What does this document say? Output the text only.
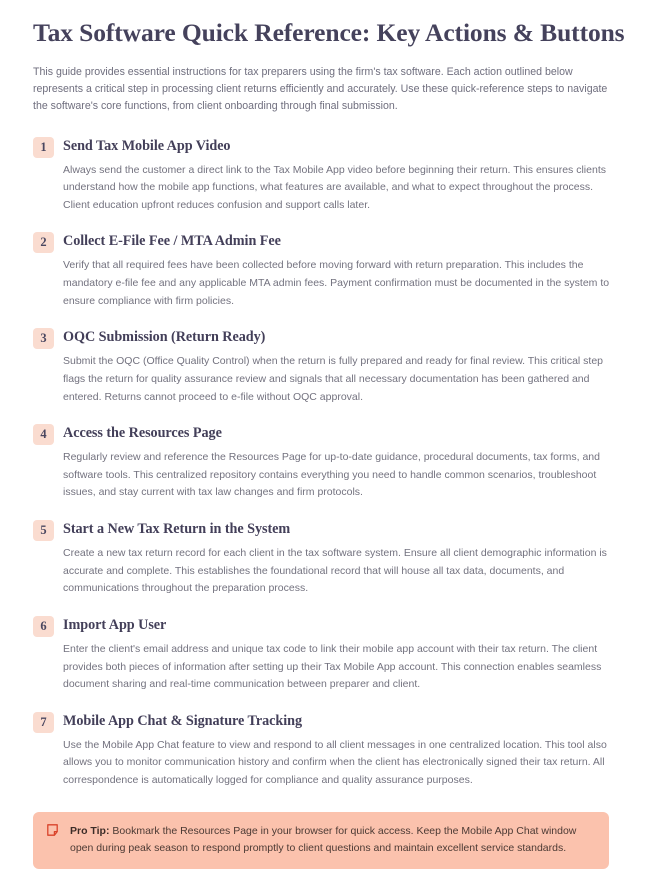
Tax Software Quick Reference: Key Actions & Buttons

This guide provides essential instructions for tax preparers using the firm's tax software. Each action outlined below represents a critical step in processing client returns efficiently and accurately. Use these quick-reference steps to navigate the software's core functions, from client onboarding through final submission.

1	Send Tax Mobile App Video

Always send the customer a direct link to the Tax Mobile App video before beginning their return. This ensures clients understand how the mobile app functions, what features are available, and what to expect throughout the process. Client education upfront reduces confusion and support calls later.

2	Collect E-File Fee / MTA Admin Fee

Verify that all required fees have been collected before moving forward with return preparation. This includes the mandatory e-file fee and any applicable MTA admin fees. Payment confirmation must be documented in the system to ensure compliance with firm policies.

3	OQC Submission (Return Ready)

Submit the OQC (Office Quality Control) when the return is fully prepared and ready for final review. This critical step flags the return for quality assurance review and signals that all necessary documentation has been gathered and entered. Returns cannot proceed to e-file without OQC approval.

4	Access the Resources Page

Regularly review and reference the Resources Page for up-to-date guidance, procedural documents, tax forms, and software tools. This centralized repository contains everything you need to handle common scenarios, troubleshoot issues, and stay current with tax law changes and firm protocols.

5	Start a New Tax Return in the System

Create a new tax return record for each client in the tax software system. Ensure all client demographic information is accurate and complete. This establishes the foundational record that will house all tax data, documents, and communications throughout the preparation process.

6	Import App User

Enter the client's email address and unique tax code to link their mobile app account with their tax return. The client provides both pieces of information after setting up their Tax Mobile App account. This connection enables seamless document sharing and real-time communication between preparer and client.

7	Mobile App Chat & Signature Tracking

Use the Mobile App Chat feature to view and respond to all client messages in one centralized location. This tool also allows you to monitor communication history and confirm when the client has electronically signed their tax return. All correspondence is automatically logged for compliance and quality assurance purposes.

Pro Tip: Bookmark the Resources Page in your browser for quick access. Keep the Mobile App Chat window open during peak season to respond promptly to client questions and maintain excellent service standards.
